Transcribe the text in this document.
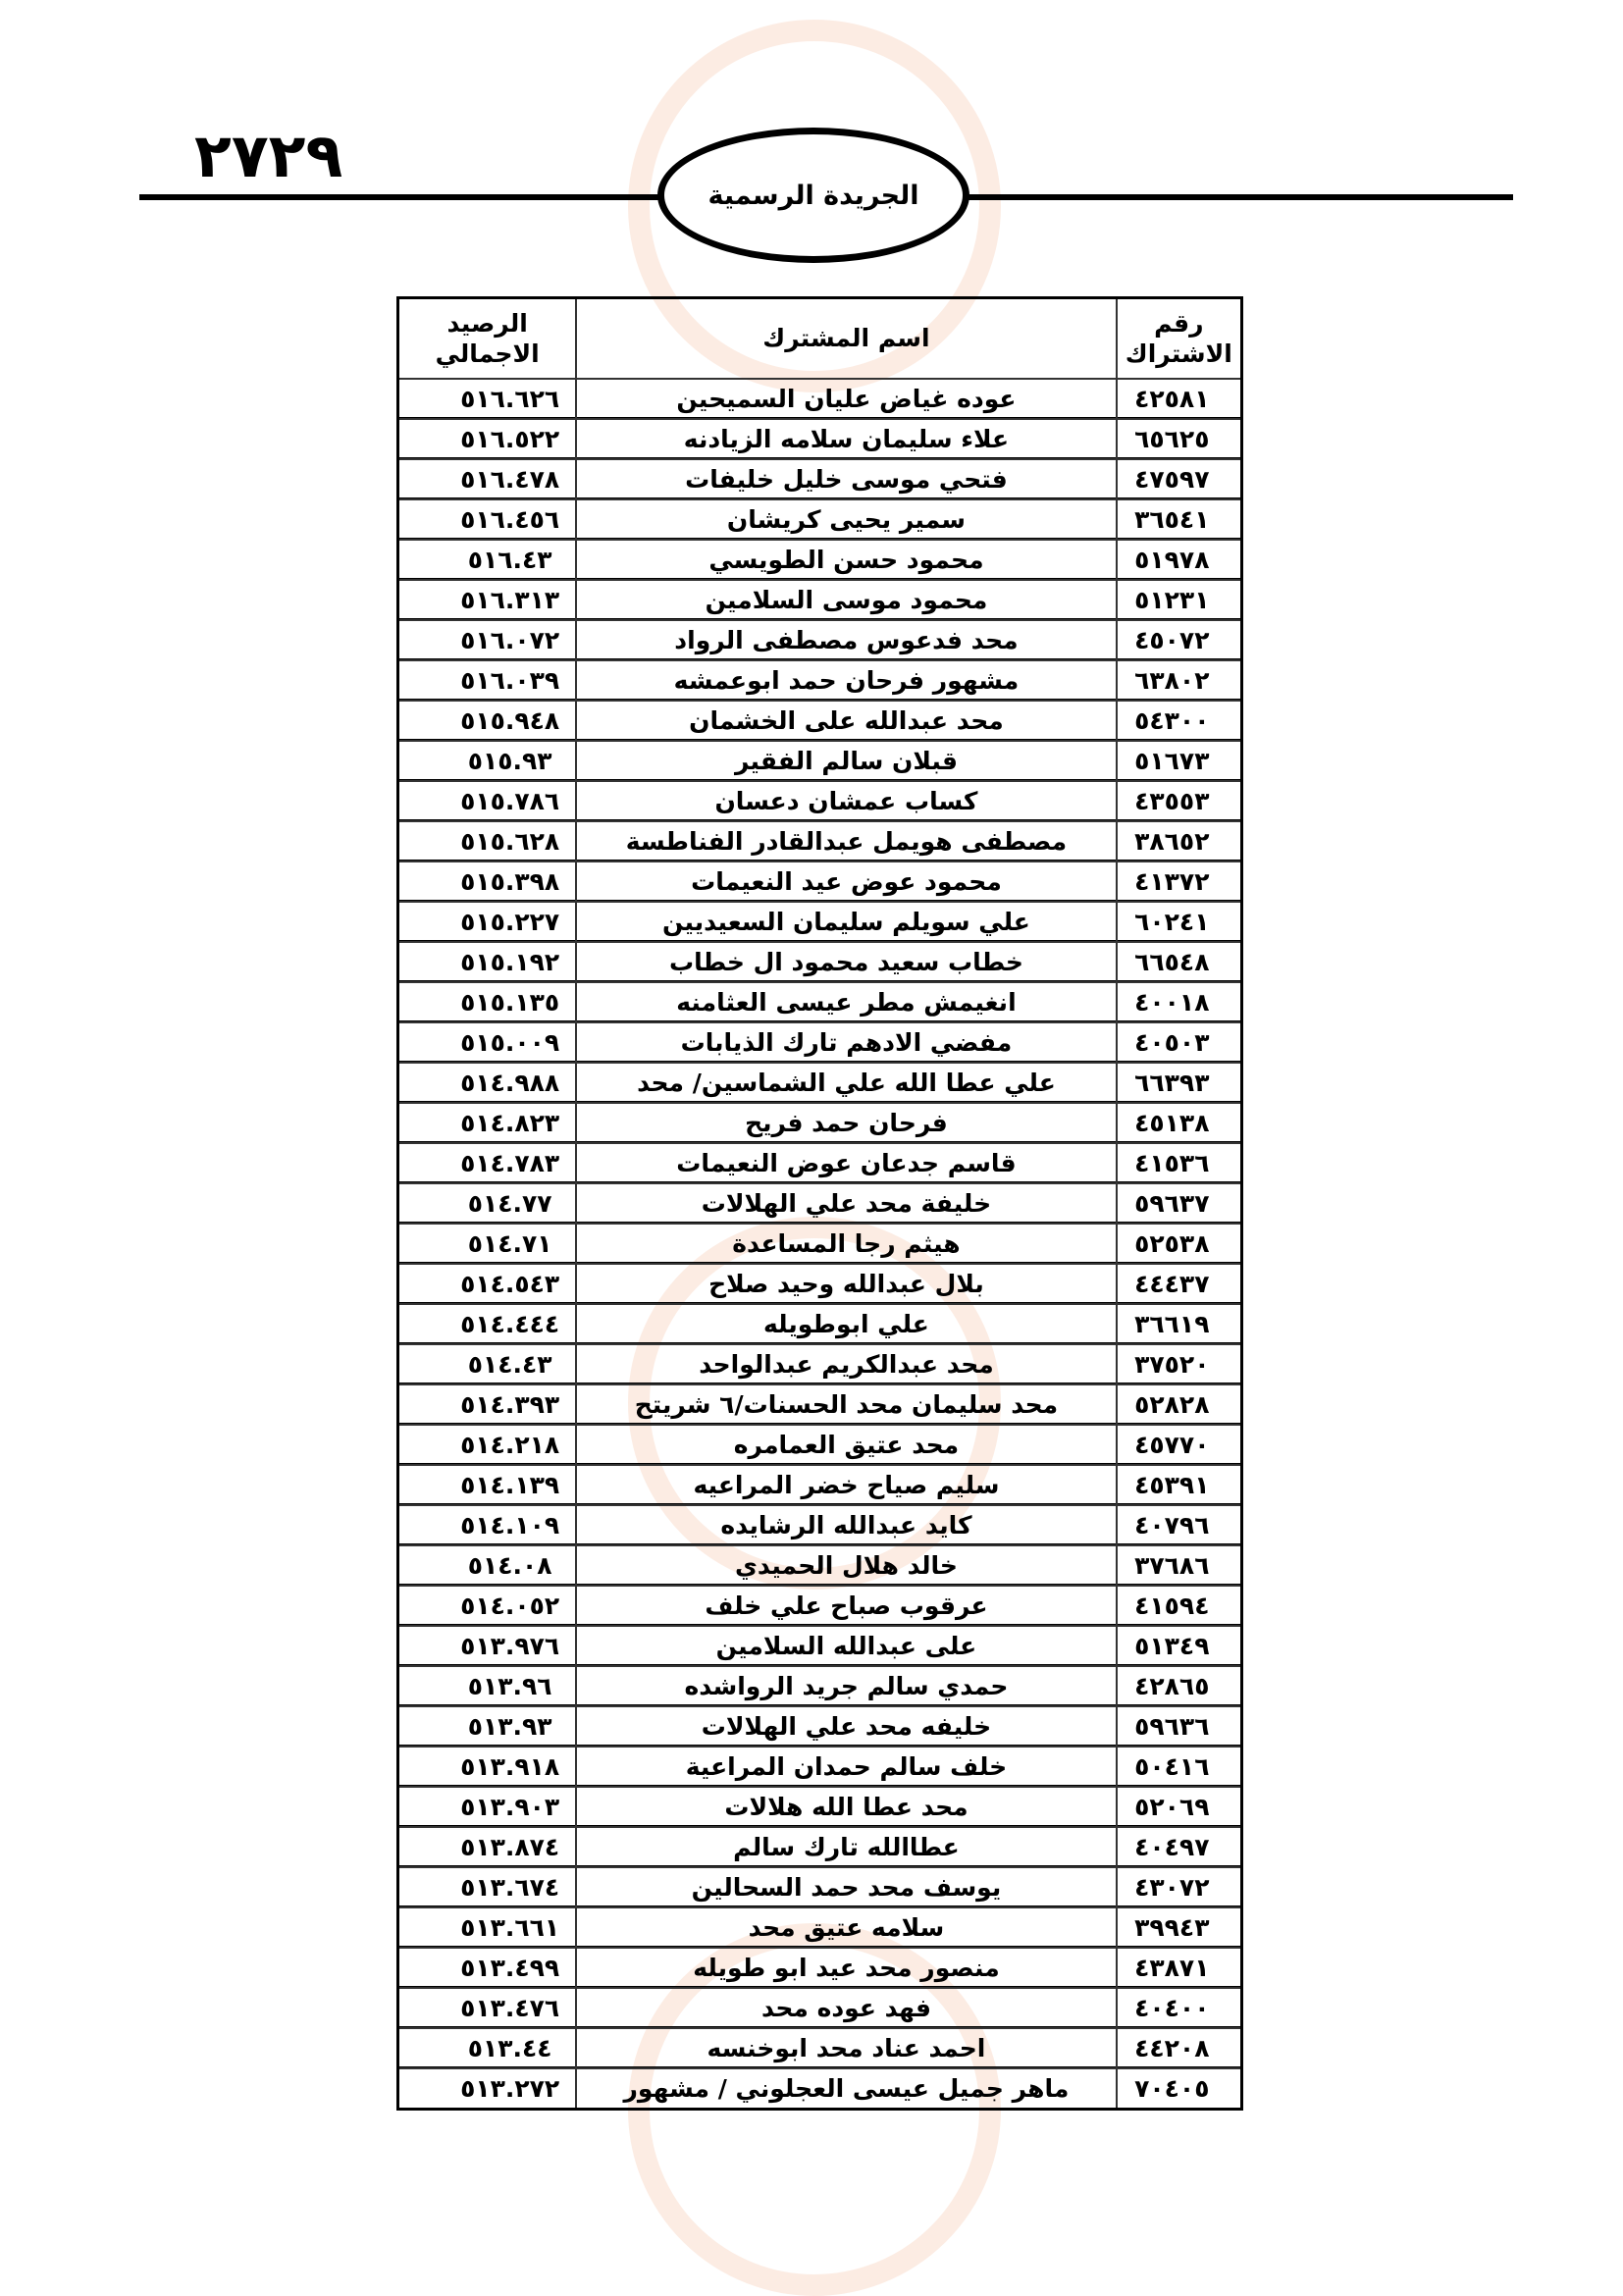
٢٧٢٩
الجريدة الرسمية
رقم الاشتراك	اسم المشترك	الرصيد الاجمالي
٤٢٥٨١	عوده غياض عليان السميحين	٥١٦.٦٢٦
٦٥٦٢٥	علاء سليمان سلامه الزيادنه	٥١٦.٥٢٢
٤٧٥٩٧	فتحي موسى خليل خليفات	٥١٦.٤٧٨
٣٦٥٤١	سمير يحيى كريشان	٥١٦.٤٥٦
٥١٩٧٨	محمود حسن الطويسي	٥١٦.٤٣
٥١٢٣١	محمود موسى السلامين	٥١٦.٣١٣
٤٥٠٧٢	محد فدعوس مصطفى الرواد	٥١٦.٠٧٢
٦٣٨٠٢	مشهور فرحان حمد ابوعمشه	٥١٦.٠٣٩
٥٤٣٠٠	محد عبدالله على الخشمان	٥١٥.٩٤٨
٥١٦٧٣	قبلان سالم الفقير	٥١٥.٩٣
٤٣٥٥٣	كساب عمشان دعسان	٥١٥.٧٨٦
٣٨٦٥٢	مصطفى هويمل عبدالقادر الفناطسة	٥١٥.٦٢٨
٤١٣٧٢	محمود عوض عيد النعيمات	٥١٥.٣٩٨
٦٠٢٤١	علي سويلم سليمان السعيديين	٥١٥.٢٢٧
٦٦٥٤٨	خطاب سعيد محمود ال خطاب	٥١٥.١٩٢
٤٠٠١٨	انغيمش مطر عيسى العثامنه	٥١٥.١٣٥
٤٠٥٠٣	مفضي الادهم تارك الذيابات	٥١٥.٠٠٩
٦٦٣٩٣	علي عطا الله علي الشماسين/ محد	٥١٤.٩٨٨
٤٥١٣٨	فرحان حمد فريح	٥١٤.٨٢٣
٤١٥٣٦	قاسم جدعان عوض النعيمات	٥١٤.٧٨٣
٥٩٦٣٧	خليفة محد علي الهلالات	٥١٤.٧٧
٥٢٥٣٨	هيثم رجا المساعدة	٥١٤.٧١
٤٤٤٣٧	بلال عبدالله وحيد صلاح	٥١٤.٥٤٣
٣٦٦١٩	علي ابوطويله	٥١٤.٤٤٤
٣٧٥٢٠	محد عبدالكريم عبدالواحد	٥١٤.٤٣
٥٢٨٢٨	محد سليمان محد الحسنات/٦ شريتح	٥١٤.٣٩٣
٤٥٧٧٠	محد عتيق العمامره	٥١٤.٢١٨
٤٥٣٩١	سليم صياح خضر المراعيه	٥١٤.١٣٩
٤٠٧٩٦	كايد عبدالله الرشايده	٥١٤.١٠٩
٣٧٦٨٦	خالد هلال الحميدي	٥١٤.٠٨
٤١٥٩٤	عرقوب صباح علي خلف	٥١٤.٠٥٢
٥١٣٤٩	على عبدالله السلامين	٥١٣.٩٧٦
٤٢٨٦٥	حمدي سالم جريد الرواشده	٥١٣.٩٦
٥٩٦٣٦	خليفه محد علي الهلالات	٥١٣.٩٣
٥٠٤١٦	خلف سالم حمدان المراعية	٥١٣.٩١٨
٥٢٠٦٩	محد عطا الله هلالات	٥١٣.٩٠٣
٤٠٤٩٧	عطاالله تارك سالم	٥١٣.٨٧٤
٤٣٠٧٢	يوسف محد حمد السحالين	٥١٣.٦٧٤
٣٩٩٤٣	سلامه عتيق محد	٥١٣.٦٦١
٤٣٨٧١	منصور محد عيد ابو طويله	٥١٣.٤٩٩
٤٠٤٠٠	فهد عوده محد	٥١٣.٤٧٦
٤٤٢٠٨	احمد عناد محد ابوخنسه	٥١٣.٤٤
٧٠٤٠٥	ماهر جميل عيسى العجلوني / مشهور	٥١٣.٢٧٢
